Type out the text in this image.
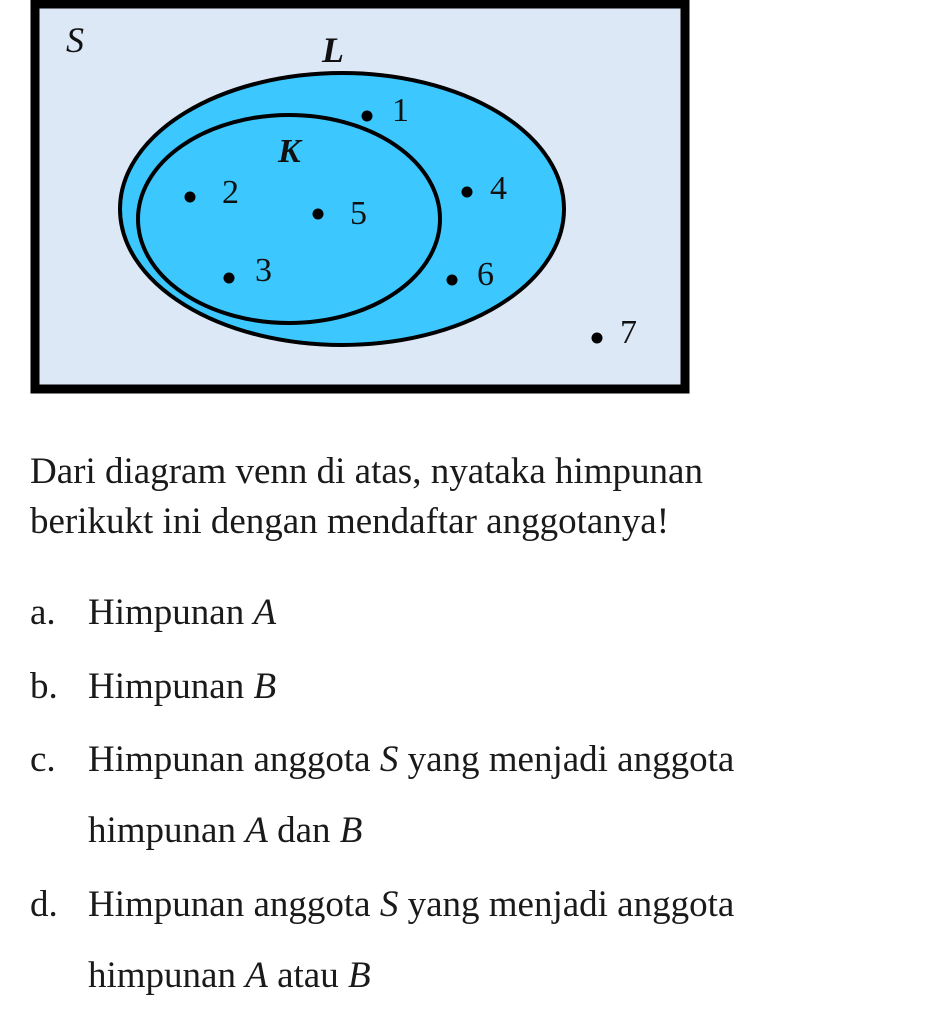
S	L
K
1
2
3
4
5
6
7
Dari diagram venn di atas, nyataka himpunan
berikukt ini dengan mendaftar anggotanya!
a. Himpunan A
b. Himpunan B
c. Himpunan anggota S yang menjadi anggota
himpunan A dan B
d. Himpunan anggota S yang menjadi anggota
himpunan A atau B
